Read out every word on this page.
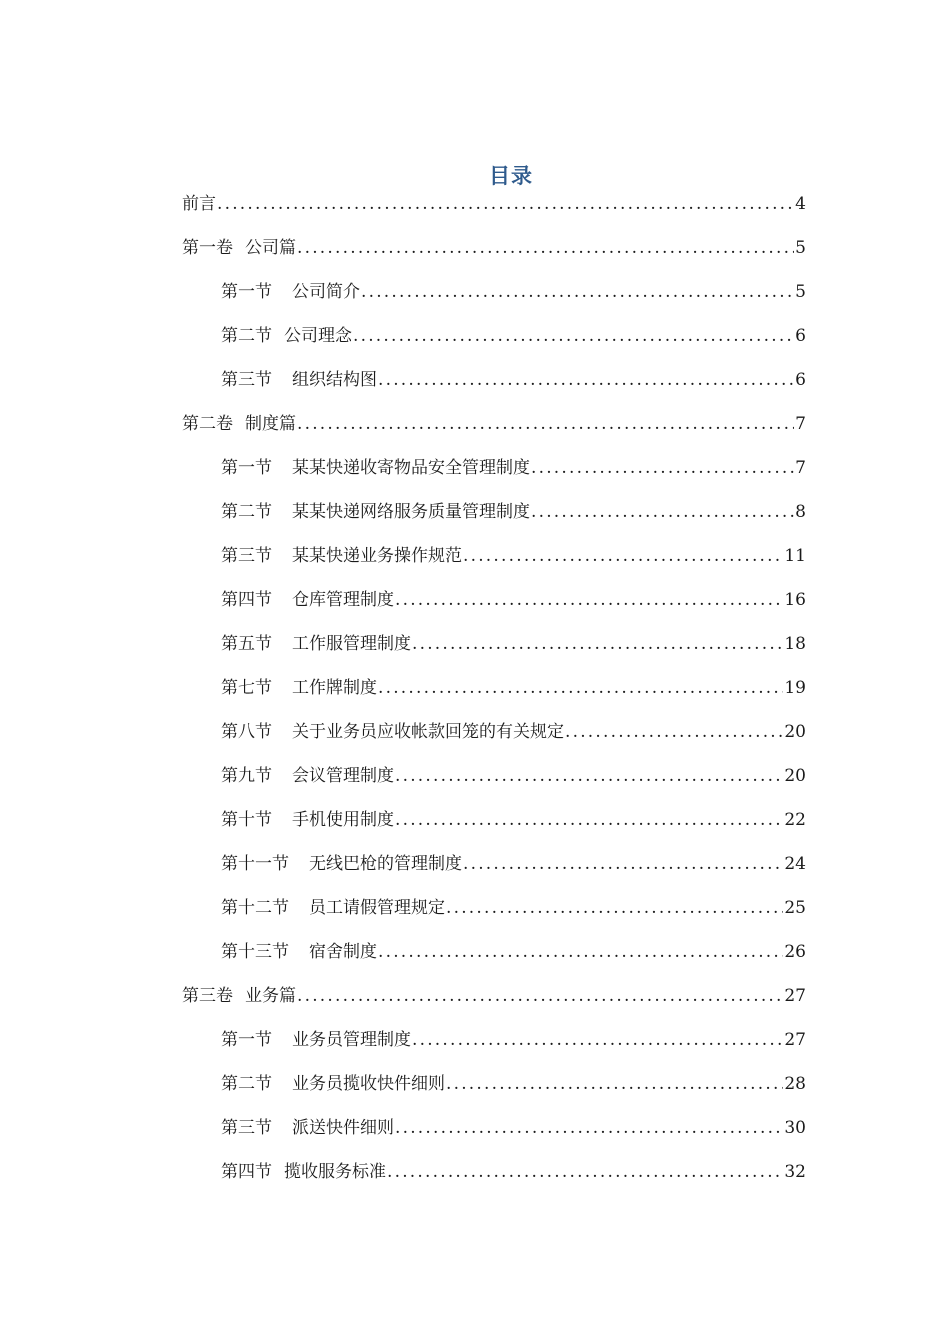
目录
前言 .....	4
第一卷 公司篇 .....	5
第一节 公司简介 .....	5
第二节 公司理念 .....	6
第三节 组织结构图 .....	6
第二卷 制度篇 .....	7
第一节 某某快递收寄物品安全管理制度 .....	7
第二节 某某快递网络服务质量管理制度 .....	8
第三节 某某快递业务操作规范 .....	11
第四节 仓库管理制度 .....	16
第五节 工作服管理制度 .....	18
第七节 工作牌制度 .....	19
第八节 关于业务员应收帐款回笼的有关规定 .....	20
第九节 会议管理制度 .....	20
第十节 手机使用制度 .....	22
第十一节 无线巴枪的管理制度 .....	24
第十二节 员工请假管理规定 .....	25
第十三节 宿舍制度 .....	26
第三卷 业务篇 .....	27
第一节 业务员管理制度 .....	27
第二节 业务员揽收快件细则 .....	28
第三节 派送快件细则 .....	30
第四节 揽收服务标准 .....	32
